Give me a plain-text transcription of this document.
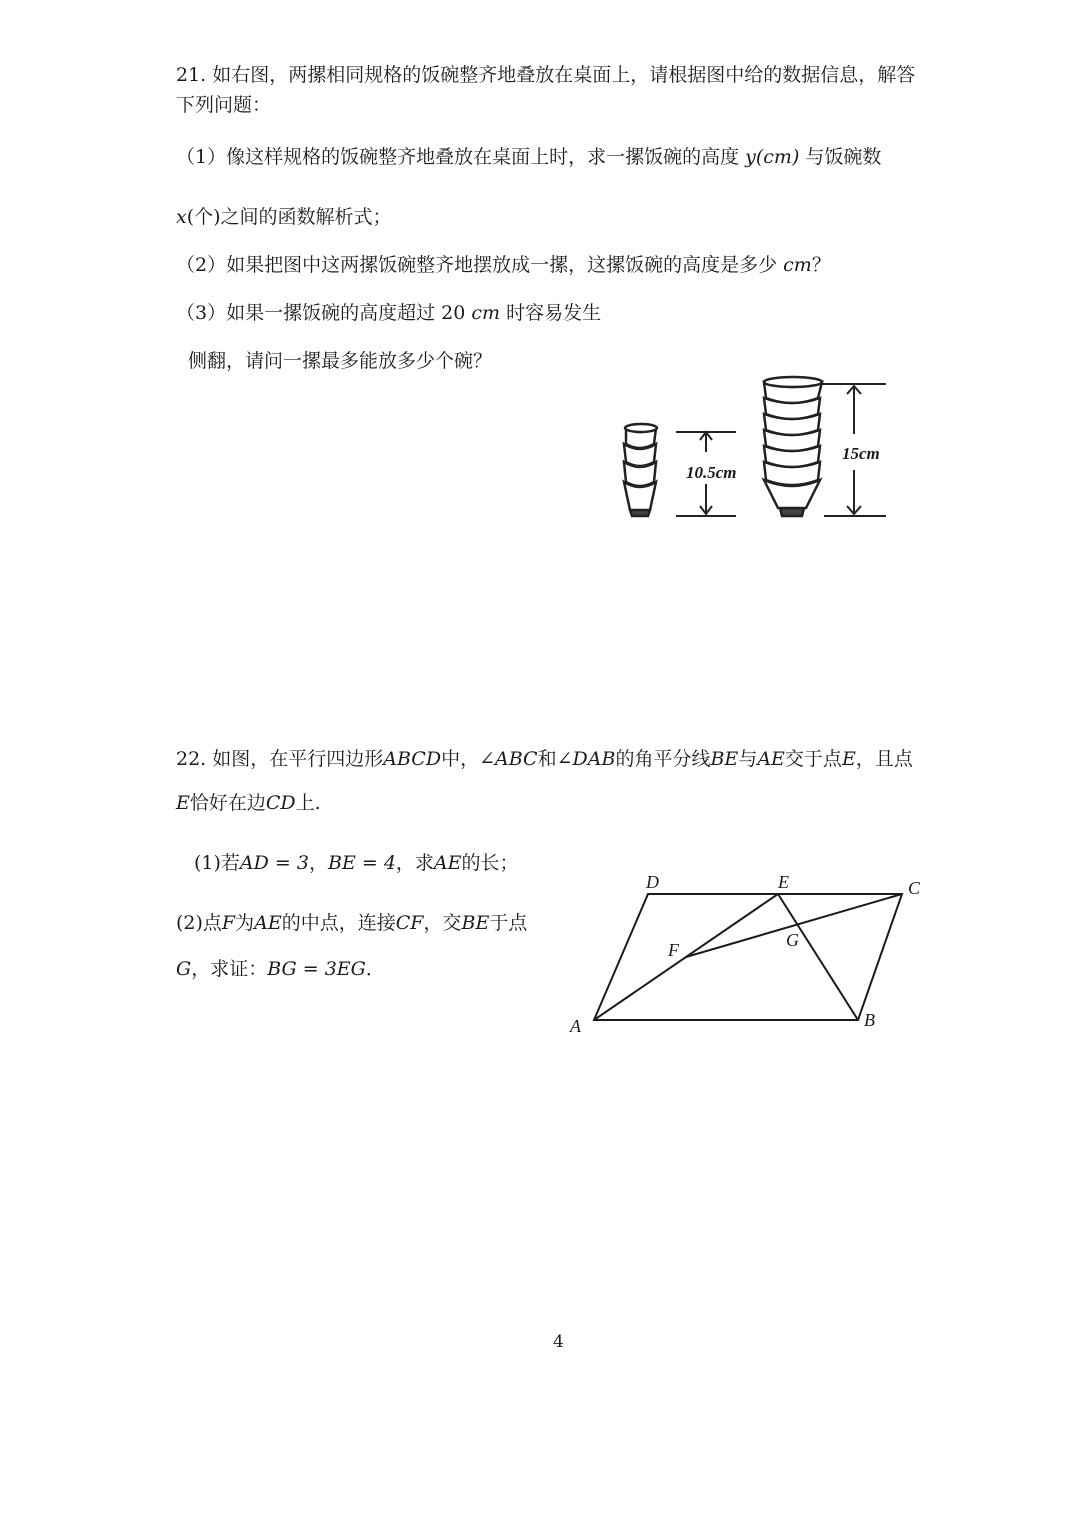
21. 如右图，两摞相同规格的饭碗整齐地叠放在桌面上，请根据图中给的数据信息，解答
下列问题：
（1）像这样规格的饭碗整齐地叠放在桌面上时，求一摞饭碗的高度 y(cm) 与饭碗数
x(个)之间的函数解析式；
（2）如果把图中这两摞饭碗整齐地摆放成一摞，这摞饭碗的高度是多少 cm？
（3）如果一摞饭碗的高度超过 20 cm 时容易发生
侧翻，请问一摞最多能放多少个碗？
10.5cm
15cm
22. 如图，在平行四边形ABCD中，∠ABC和∠DAB的角平分线BE与AE交于点E，且点
E恰好在边CD上.
(1)若AD = 3，BE = 4，求AE的长；
(2)点F为AE的中点，连接CF，交BE于点
G，求证：BG = 3EG．
A	B
C
D	E
F	G
4
